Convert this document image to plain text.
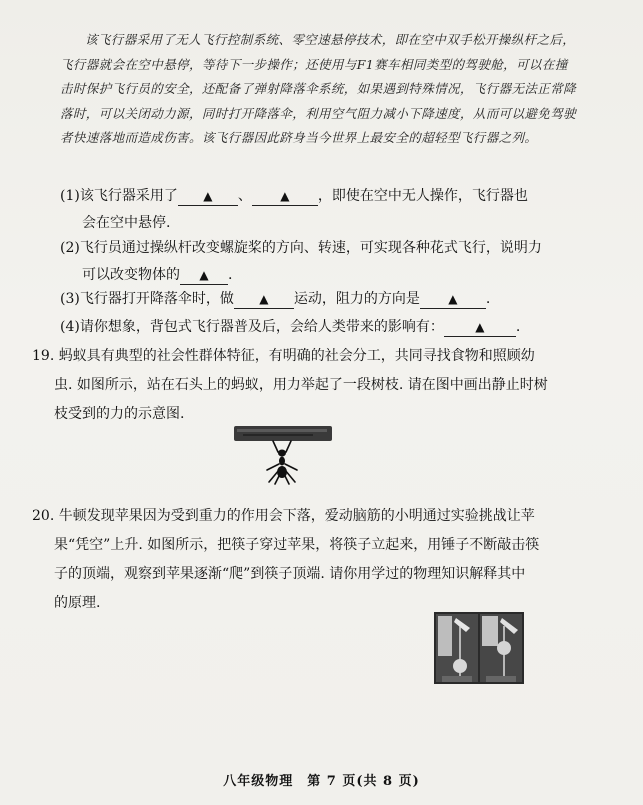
该飞行器采用了无人飞行控制系统、零空速悬停技术，即在空中双手松开操纵杆之后，飞行器就会在空中悬停，等待下一步操作；还使用与F1赛车相同类型的驾驶舱，可以在撞击时保护飞行员的安全，还配备了弹射降落伞系统，如果遇到特殊情况，飞行器无法正常降落时，可以关闭动力源，同时打开降落伞，利用空气阻力减小下降速度，从而可以避免驾驶者快速落地而造成伤害。该飞行器因此跻身当今世界上最安全的超轻型飞行器之列。
(1)该飞行器采用了 ▲ 、 ▲ ，即使在空中无人操作，飞行器也
会在空中悬停.
(2)飞行员通过操纵杆改变螺旋桨的方向、转速，可实现各种花式飞行，说明力
可以改变物体的 ▲ .
(3)飞行器打开降落伞时，做 ▲ 运动，阻力的方向是 ▲ .
(4)请你想象，背包式飞行器普及后，会给人类带来的影响有：	▲ .
19. 蚂蚁具有典型的社会性群体特征，有明确的社会分工，共同寻找食物和照顾幼
虫. 如图所示，站在石头上的蚂蚁，用力举起了一段树枝. 请在图中画出静止时树
枝受到的力的示意图.
20. 牛顿发现苹果因为受到重力的作用会下落，爱动脑筋的小明通过实验挑战让苹
果“凭空”上升. 如图所示，把筷子穿过苹果，将筷子立起来，用锤子不断敲击筷
子的顶端，观察到苹果逐渐“爬”到筷子顶端. 请你用学过的物理知识解释其中
的原理.
八年级物理　第 7 页(共 8 页)
